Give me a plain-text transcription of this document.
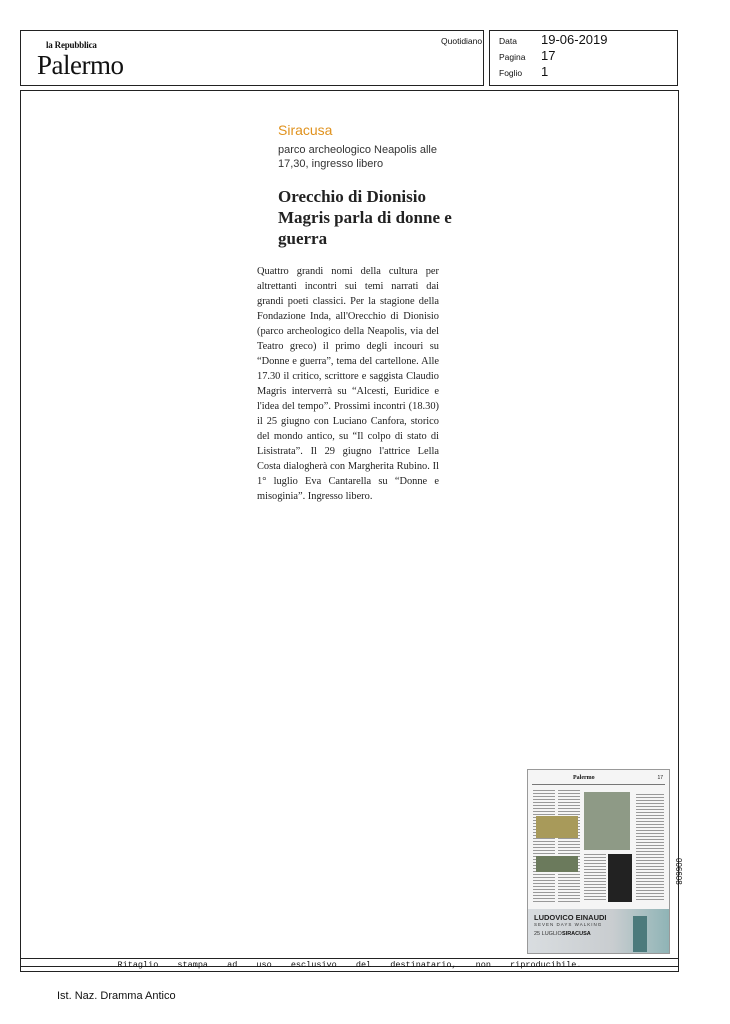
la Repubblica
Palermo
Quotidiano Data 19-06-2019
Pagina 17
Foglio 1
Siracusa
parco archeologico Neapolis alle 17,30, ingresso libero
Orecchio di Dionisio Magris parla di donne e guerra
Quattro grandi nomi della cultura per altrettanti incontri sui temi narrati dai grandi poeti classici. Per la stagione della Fondazione Inda, all'Orecchio di Dionisio (parco archeologico della Neapolis, via del Teatro greco) il primo degli incouri su “Donne e guerra”, tema del cartellone. Alle 17.30 il critico, scrittore e saggista Claudio Magris interverrà su “Alcesti, Euridice e l'idea del tempo”. Prossimi incontri (18.30) il 25 giugno con Luciano Canfora, storico del mondo antico, su “Il colpo di stato di Lisistrata”. Il 29 giugno l'attrice Lella Costa dialogherà con Margherita Rubino. Il 1° luglio Eva Cantarella su “Donne e misoginia”. Ingresso libero.
Palermo	17
LUDOVICO EINAUDI
SEVEN DAYS WALKING
25 LUGLIO SIRACUSA
006608
Ritaglio stampa ad uso esclusivo del destinatario, non riproducibile.
Ist. Naz. Dramma Antico
